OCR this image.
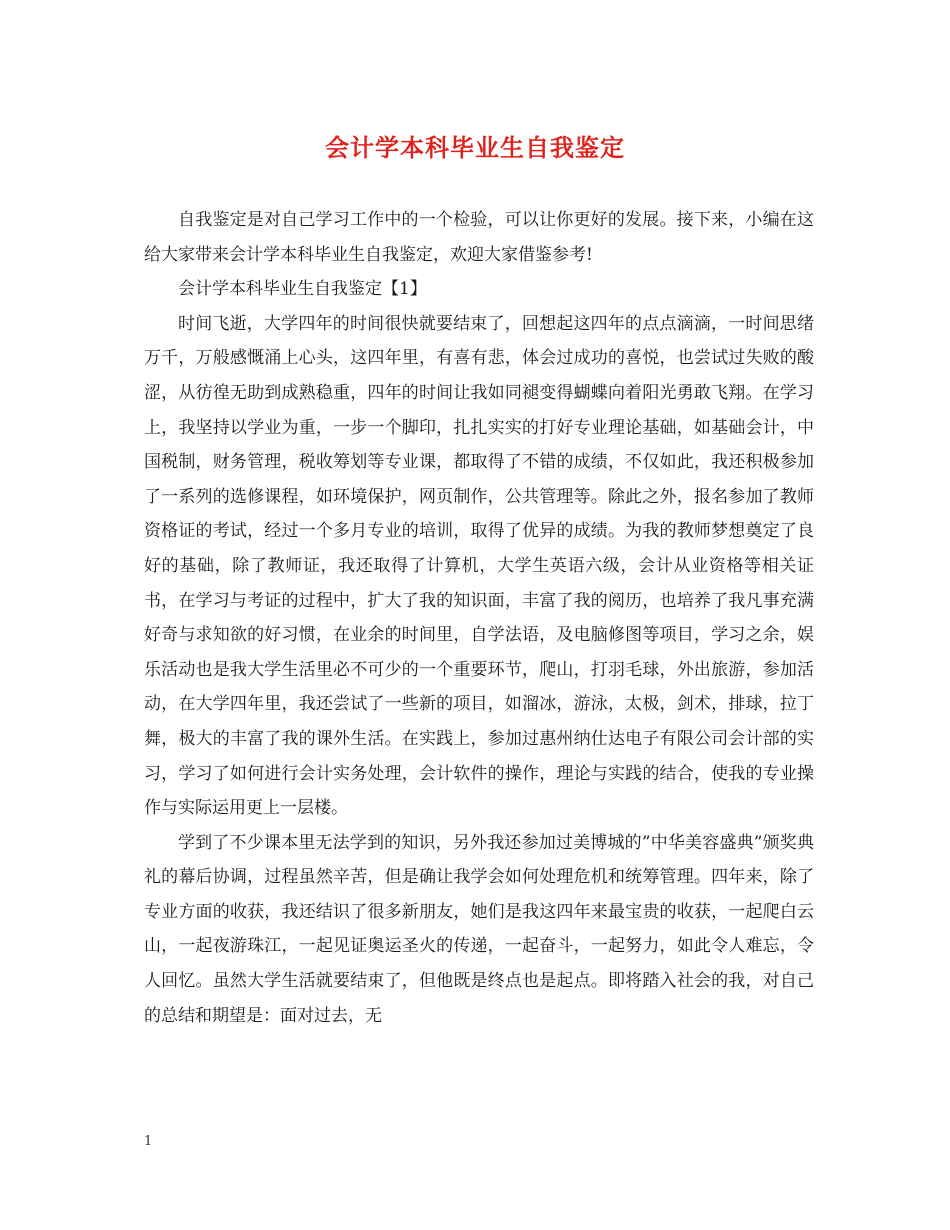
会计学本科毕业生自我鉴定

自我鉴定是对自己学习工作中的一个检验，可以让你更好的发展。接下来，小编在这给大家带来会计学本科毕业生自我鉴定，欢迎大家借鉴参考!

会计学本科毕业生自我鉴定【1】

时间飞逝，大学四年的时间很快就要结束了，回想起这四年的点点滴滴，一时间思绪万千，万般感慨涌上心头，这四年里，有喜有悲，体会过成功的喜悦，也尝试过失败的酸涩，从彷徨无助到成熟稳重，四年的时间让我如同褪变得蝴蝶向着阳光勇敢飞翔。在学习上，我坚持以学业为重，一步一个脚印，扎扎实实的打好专业理论基础，如基础会计，中国税制，财务管理，税收筹划等专业课，都取得了不错的成绩，不仅如此，我还积极参加了一系列的选修课程，如环境保护，网页制作，公共管理等。除此之外，报名参加了教师资格证的考试，经过一个多月专业的培训，取得了优异的成绩。为我的教师梦想奠定了良好的基础，除了教师证，我还取得了计算机，大学生英语六级，会计从业资格等相关证书，在学习与考证的过程中，扩大了我的知识面，丰富了我的阅历，也培养了我凡事充满好奇与求知欲的好习惯，在业余的时间里，自学法语，及电脑修图等项目，学习之余，娱乐活动也是我大学生活里必不可少的一个重要环节，爬山，打羽毛球，外出旅游，参加活动，在大学四年里，我还尝试了一些新的项目，如溜冰，游泳，太极，剑术，排球，拉丁舞，极大的丰富了我的课外生活。在实践上，参加过惠州纳仕达电子有限公司会计部的实习，学习了如何进行会计实务处理，会计软件的操作，理论与实践的结合，使我的专业操作与实际运用更上一层楼。

学到了不少课本里无法学到的知识，另外我还参加过美博城的”中华美容盛典”颁奖典礼的幕后协调，过程虽然辛苦，但是确让我学会如何处理危机和统筹管理。四年来，除了专业方面的收获，我还结识了很多新朋友，她们是我这四年来最宝贵的收获，一起爬白云山，一起夜游珠江，一起见证奥运圣火的传递，一起奋斗，一起努力，如此令人难忘，令人回忆。虽然大学生活就要结束了，但他既是终点也是起点。即将踏入社会的我，对自己的总结和期望是：面对过去，无

1
